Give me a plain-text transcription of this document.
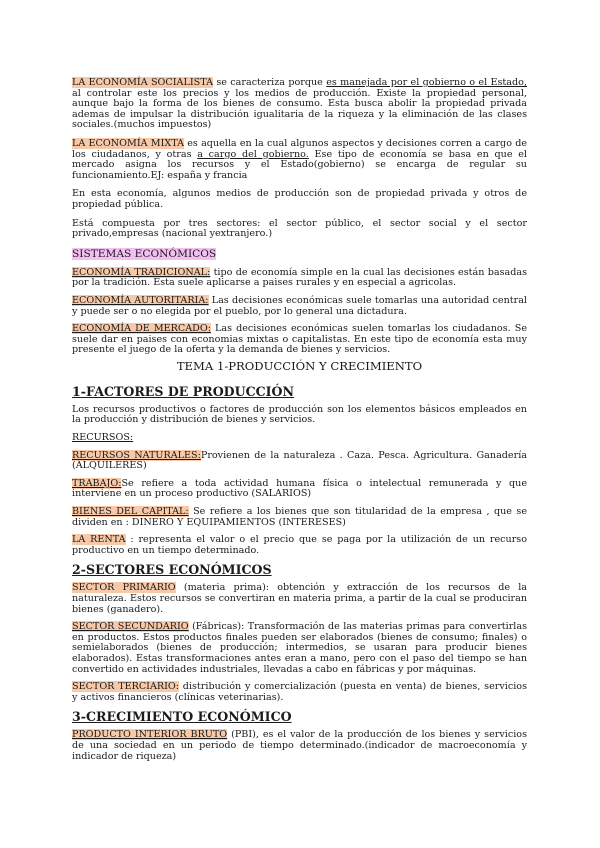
LA ECONOMÍA SOCIALISTA se caracteriza porque es manejada por el gobierno o el Estado, al controlar este los precios y los medios de producción. Existe la propiedad personal, aunque bajo la forma de los bienes de consumo. Esta busca abolir la propiedad privada ademas de impulsar la distribución igualitaria de la riqueza y la eliminación de las clases sociales.(muchos impuestos)

LA ECONOMÍA MIXTA es aquella en la cual algunos aspectos y decisiones corren a cargo de los ciudadanos, y otras a cargo del gobierno. Ese tipo de economía se basa en que el mercado asigna los recursos y el Estado(gobierno) se encarga de regular su funcionamiento.EJ: españa y francia

En esta economía, algunos medios de producción son de propiedad privada y otros de propiedad pública.

Está compuesta por tres sectores: el sector público, el sector social y el sector privado,empresas (nacional yextranjero.)

SISTEMAS ECONÓMICOS

ECONOMÍA TRADICIONAL: tipo de economía simple en la cual las decisiones están basadas por la tradición. Esta suele aplicarse a paises rurales y en especial a agricolas.

ECONOMÍA AUTORITARIA: Las decisiones económicas suele tomarlas una autoridad central y puede ser o no elegida por el pueblo, por lo general una dictadura.

ECONOMÍA DE MERCADO: Las decisiones económicas suelen tomarlas los ciudadanos. Se suele dar en paises con economias mixtas o capitalistas. En este tipo de economía esta muy presente el juego de la oferta y la demanda de bienes y servicios.

TEMA 1-PRODUCCIÓN Y CRECIMIENTO

1-FACTORES DE PRODUCCIÓN

Los recursos productivos o factores de producción son los elementos básicos empleados en la producción y distribución de bienes y servicios.

RECURSOS:

RECURSOS NATURALES:Provienen de la naturaleza . Caza. Pesca. Agricultura. Ganadería (ALQUILERES)

TRABAJO:Se refiere a toda actividad humana física o intelectual remunerada y que interviene en un proceso productivo (SALARIOS)

BIENES DEL CAPITAL: Se refiere a los bienes que son titularidad de la empresa , que se dividen en : DINERO Y EQUIPAMIENTOS (INTERESES)

LA RENTA : representa el valor o el precio que se paga por la utilización de un recurso productivo en un tiempo determinado.

2-SECTORES ECONÓMICOS

SECTOR PRIMARIO (materia prima): obtención y extracción de los recursos de la naturaleza. Estos recursos se convertiran en materia prima, a partir de la cual se produciran bienes (ganadero).

SECTOR SECUNDARIO (Fábricas): Transformación de las materias primas para convertirlas en productos. Estos productos finales pueden ser elaborados (bienes de consumo; finales) o semielaborados (bienes de producción; intermedios, se usaran para producir bienes elaborados). Estas transformaciones antes eran a mano, pero con el paso del tiempo se han convertido en actividades industriales, llevadas a cabo en fábricas y por máquinas.

SECTOR TERCIARIO: distribución y comercialización (puesta en venta) de bienes, servicios y activos financieros (clínicas veterinarias).

3-CRECIMIENTO ECONÓMICO

PRODUCTO INTERIOR BRUTO (PBI), es el valor de la producción de los bienes y servicios de una sociedad en un periodo de tiempo determinado.(indicador de macroeconomía y indicador de riqueza)
